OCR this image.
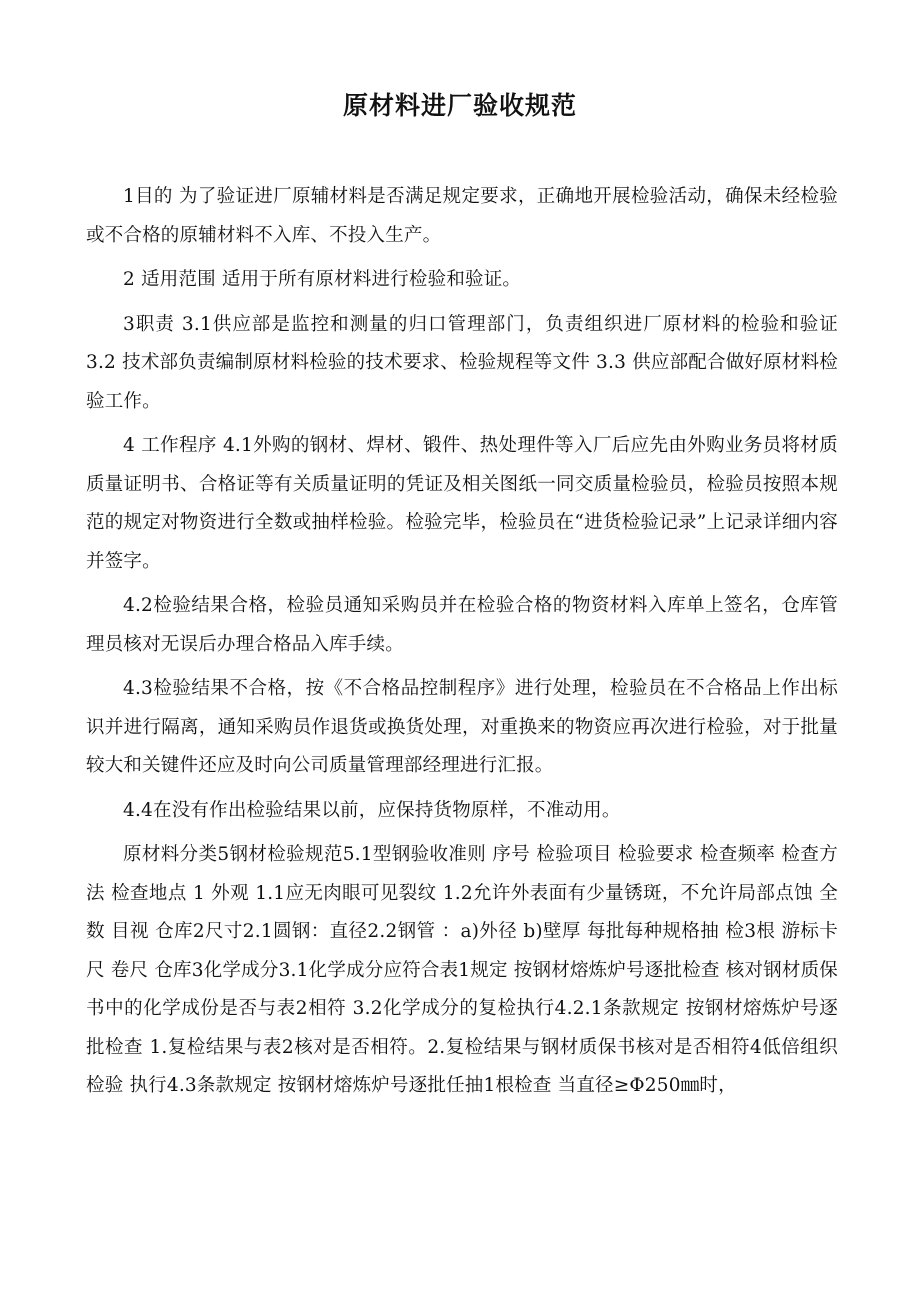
原材料进厂验收规范

1目的 为了验证进厂原辅材料是否满足规定要求，正确地开展检验活动，确保未经检验或不合格的原辅材料不入库、不投入生产。

2 适用范围 适用于所有原材料进行检验和验证。

3职责 3.1供应部是监控和测量的归口管理部门，负责组织进厂原材料的检验和验证 3.2 技术部负责编制原材料检验的技术要求、检验规程等文件 3.3 供应部配合做好原材料检验工作。

4 工作程序 4.1外购的钢材、焊材、锻件、热处理件等入厂后应先由外购业务员将材质质量证明书、合格证等有关质量证明的凭证及相关图纸一同交质量检验员，检验员按照本规范的规定对物资进行全数或抽样检验。检验完毕，检验员在“进货检验记录”上记录详细内容并签字。

4.2检验结果合格，检验员通知采购员并在检验合格的物资材料入库单上签名，仓库管理员核对无误后办理合格品入库手续。

4.3检验结果不合格，按《不合格品控制程序》进行处理，检验员在不合格品上作出标识并进行隔离，通知采购员作退货或换货处理，对重换来的物资应再次进行检验，对于批量较大和关键件还应及时向公司质量管理部经理进行汇报。

4.4在没有作出检验结果以前，应保持货物原样，不准动用。

原材料分类5钢材检验规范5.1型钢验收准则 序号 检验项目 检验要求 检查频率 检查方法 检查地点 1 外观 1.1应无肉眼可见裂纹 1.2允许外表面有少量锈斑，不允许局部点蚀 全数 目视 仓库2尺寸2.1圆钢：直径2.2钢管 ：a)外径 b)壁厚 每批每种规格抽 检3根 游标卡尺 卷尺 仓库3化学成分3.1化学成分应符合表1规定 按钢材熔炼炉号逐批检查 核对钢材质保书中的化学成份是否与表2相符 3.2化学成分的复检执行4.2.1条款规定 按钢材熔炼炉号逐批检查 1.复检结果与表2核对是否相符。2.复检结果与钢材质保书核对是否相符4低倍组织检验 执行4.3条款规定 按钢材熔炼炉号逐批任抽1根检查 当直径≥Φ250㎜时，
